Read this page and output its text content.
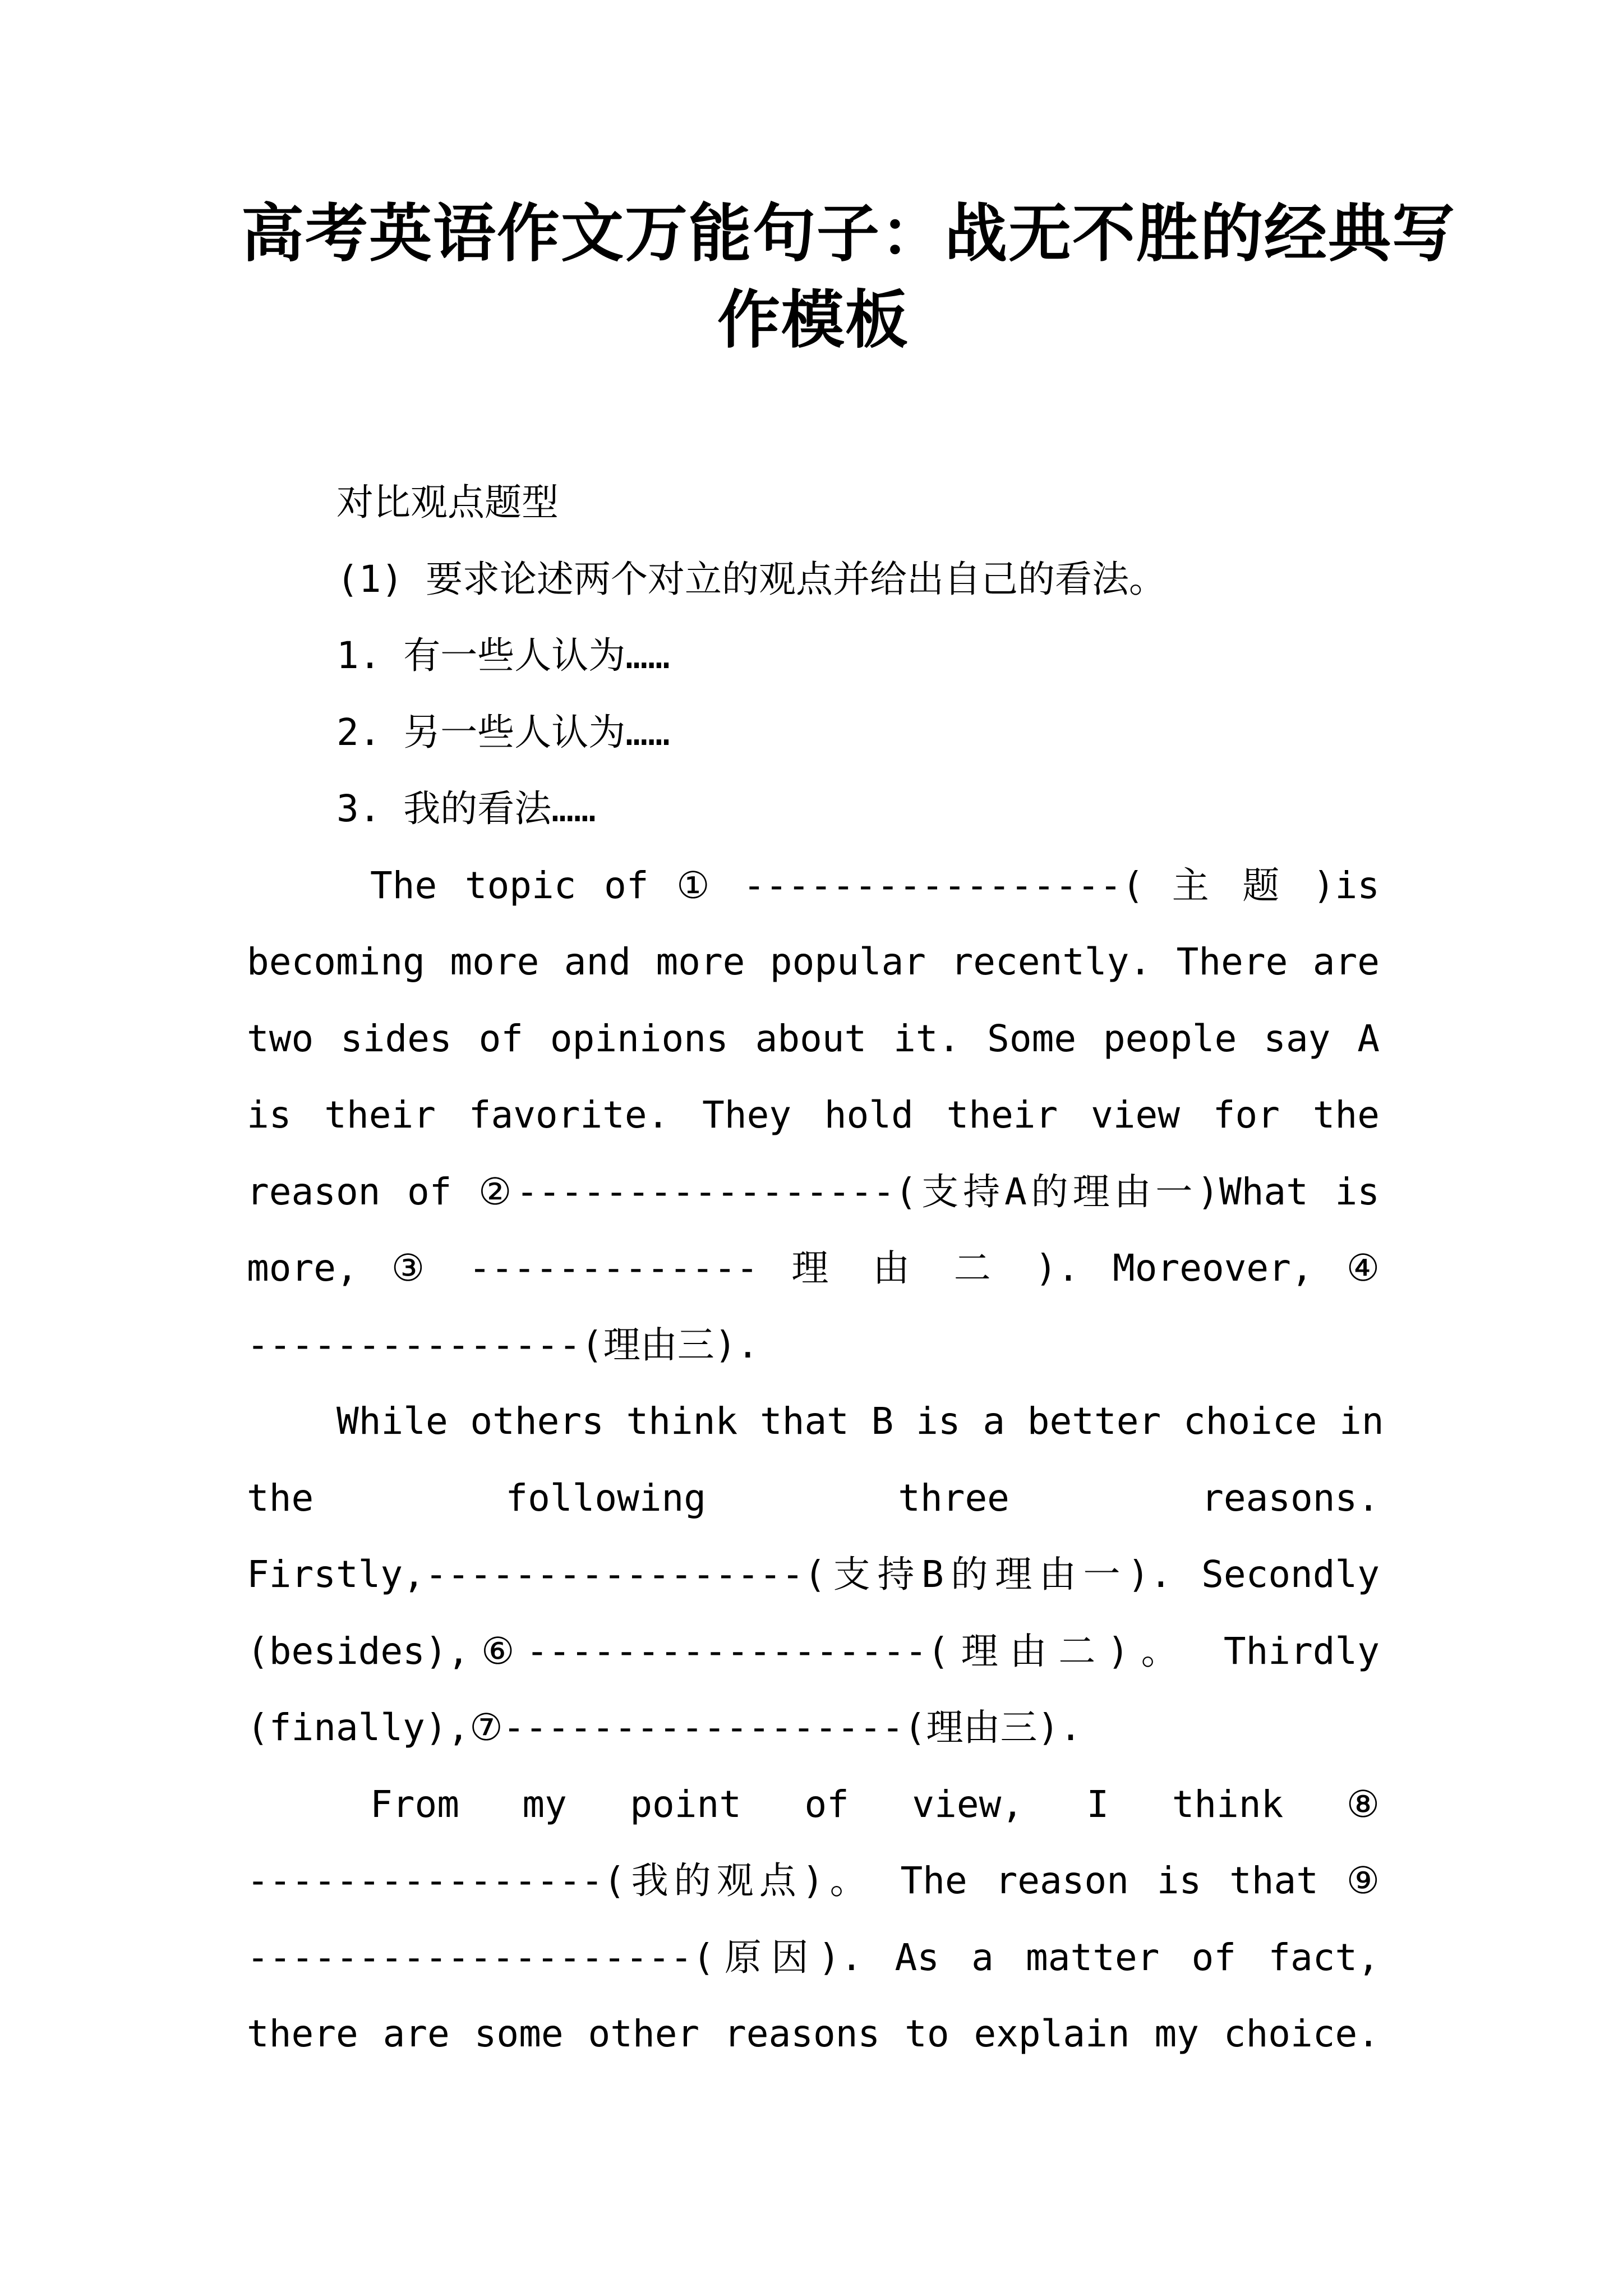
高考英语作文万能句子：战无不胜的经典写
作模板
对比观点题型
(1) 要求论述两个对立的观点并给出自己的看法。
1. 有一些人认为……
2. 另一些人认为……
3. 我的看法……
The topic of ① -----------------( 主 题 )is
becoming more and more popular recently. There are
two sides of opinions about it. Some people say A
is their favorite. They hold their view for the
reason of ②-----------------(支持A的理由一)What is
more, ③ ------------- 理 由 二 ). Moreover, ④
---------------(理由三).
While others think that B is a better choice in
the following three reasons.
Firstly,-----------------(支持B的理由一). Secondly
(besides),⑥------------------(理由二)。 Thirdly
(finally),⑦------------------(理由三).
From my point of view, I think ⑧
----------------(我的观点)。 The reason is that ⑨
--------------------(原因). As a matter of fact,
there are some other reasons to explain my choice.
